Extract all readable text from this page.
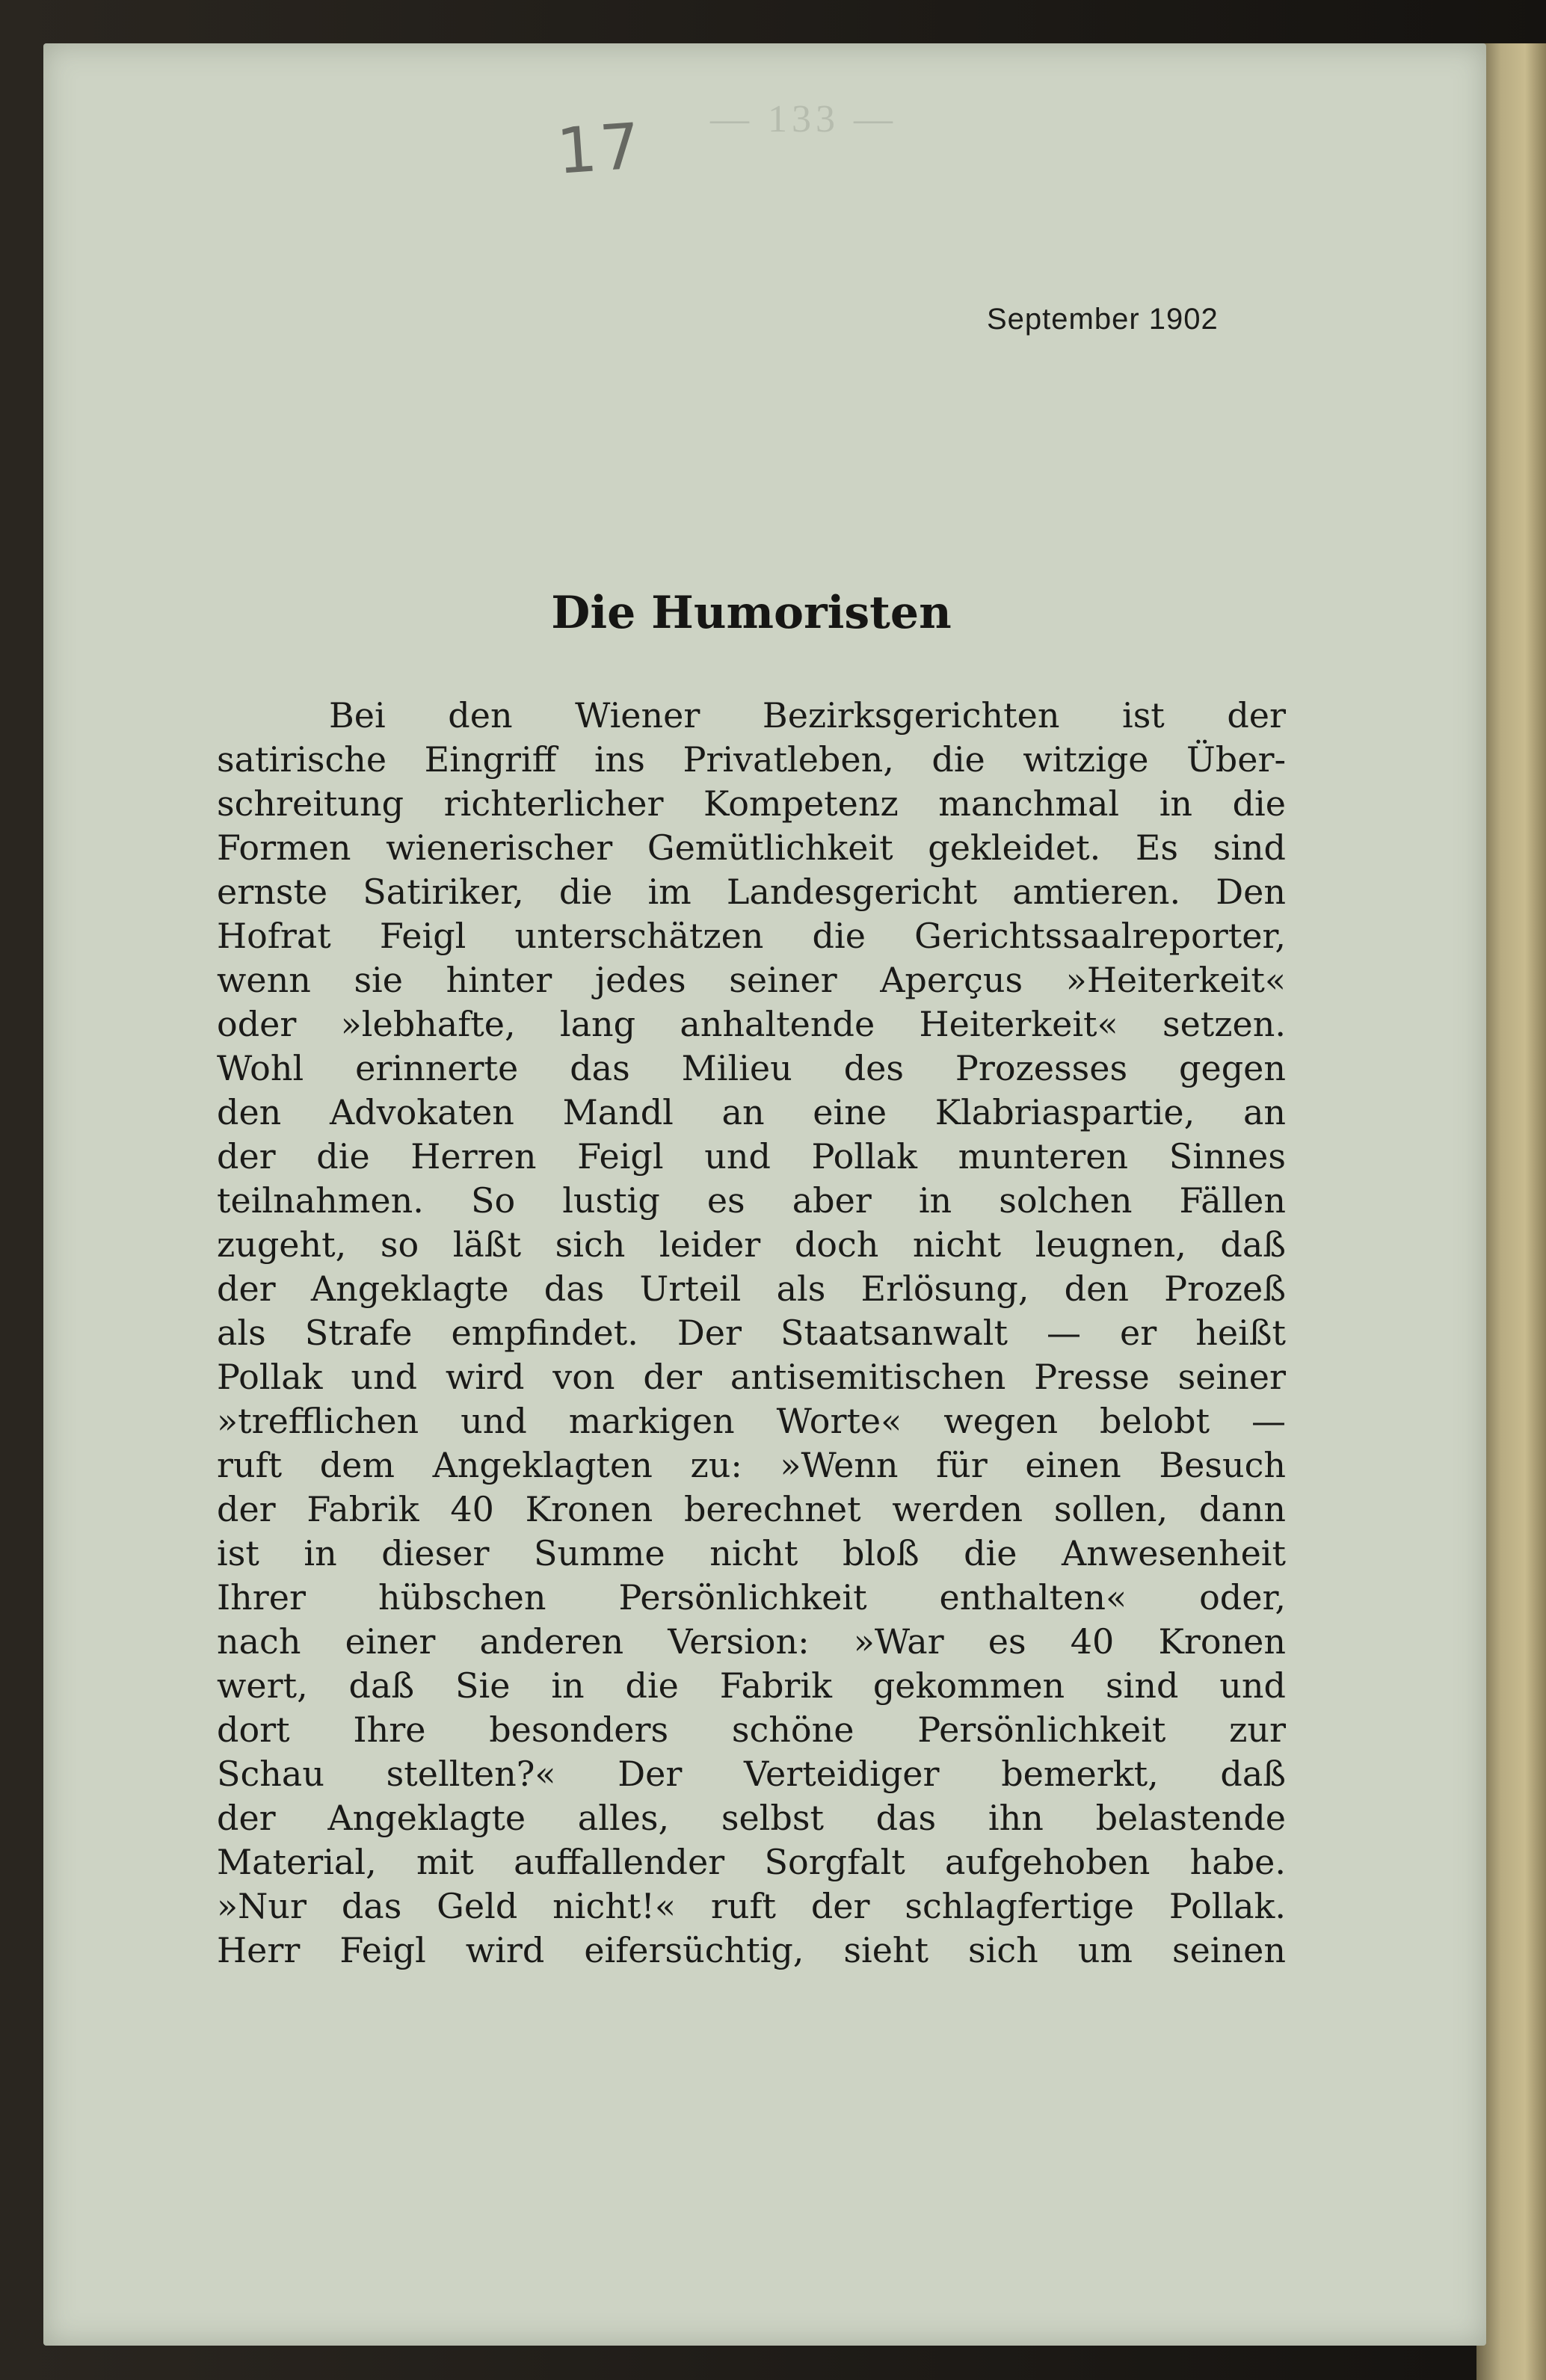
17 — 133 —
September 1902
Die Humoristen
Bei den Wiener Bezirksgerichten ist der
satirische Eingriff ins Privatleben, die witzige Über-
schreitung richterlicher Kompetenz manchmal in die
Formen wienerischer Gemütlichkeit gekleidet. Es sind
ernste Satiriker, die im Landesgericht amtieren. Den
Hofrat Feigl unterschätzen die Gerichtssaalreporter,
wenn sie hinter jedes seiner Aperçus »Heiterkeit«
oder »lebhafte, lang anhaltende Heiterkeit« setzen.
Wohl erinnerte das Milieu des Prozesses gegen
den Advokaten Mandl an eine Klabriaspartie, an
der die Herren Feigl und Pollak munteren Sinnes
teilnahmen. So lustig es aber in solchen Fällen
zugeht, so läßt sich leider doch nicht leugnen, daß
der Angeklagte das Urteil als Erlösung, den Prozeß
als Strafe empfindet. Der Staatsanwalt — er heißt
Pollak und wird von der antisemitischen Presse seiner
»trefflichen und markigen Worte« wegen belobt —
ruft dem Angeklagten zu: »Wenn für einen Besuch
der Fabrik 40 Kronen berechnet werden sollen, dann
ist in dieser Summe nicht bloß die Anwesenheit
Ihrer hübschen Persönlichkeit enthalten« oder,
nach einer anderen Version: »War es 40 Kronen
wert, daß Sie in die Fabrik gekommen sind und
dort Ihre besonders schöne Persönlichkeit zur
Schau stellten?« Der Verteidiger bemerkt, daß
der Angeklagte alles, selbst das ihn belastende
Material, mit auffallender Sorgfalt aufgehoben habe.
»Nur das Geld nicht!« ruft der schlagfertige Pollak.
Herr Feigl wird eifersüchtig, sieht sich um seinen
